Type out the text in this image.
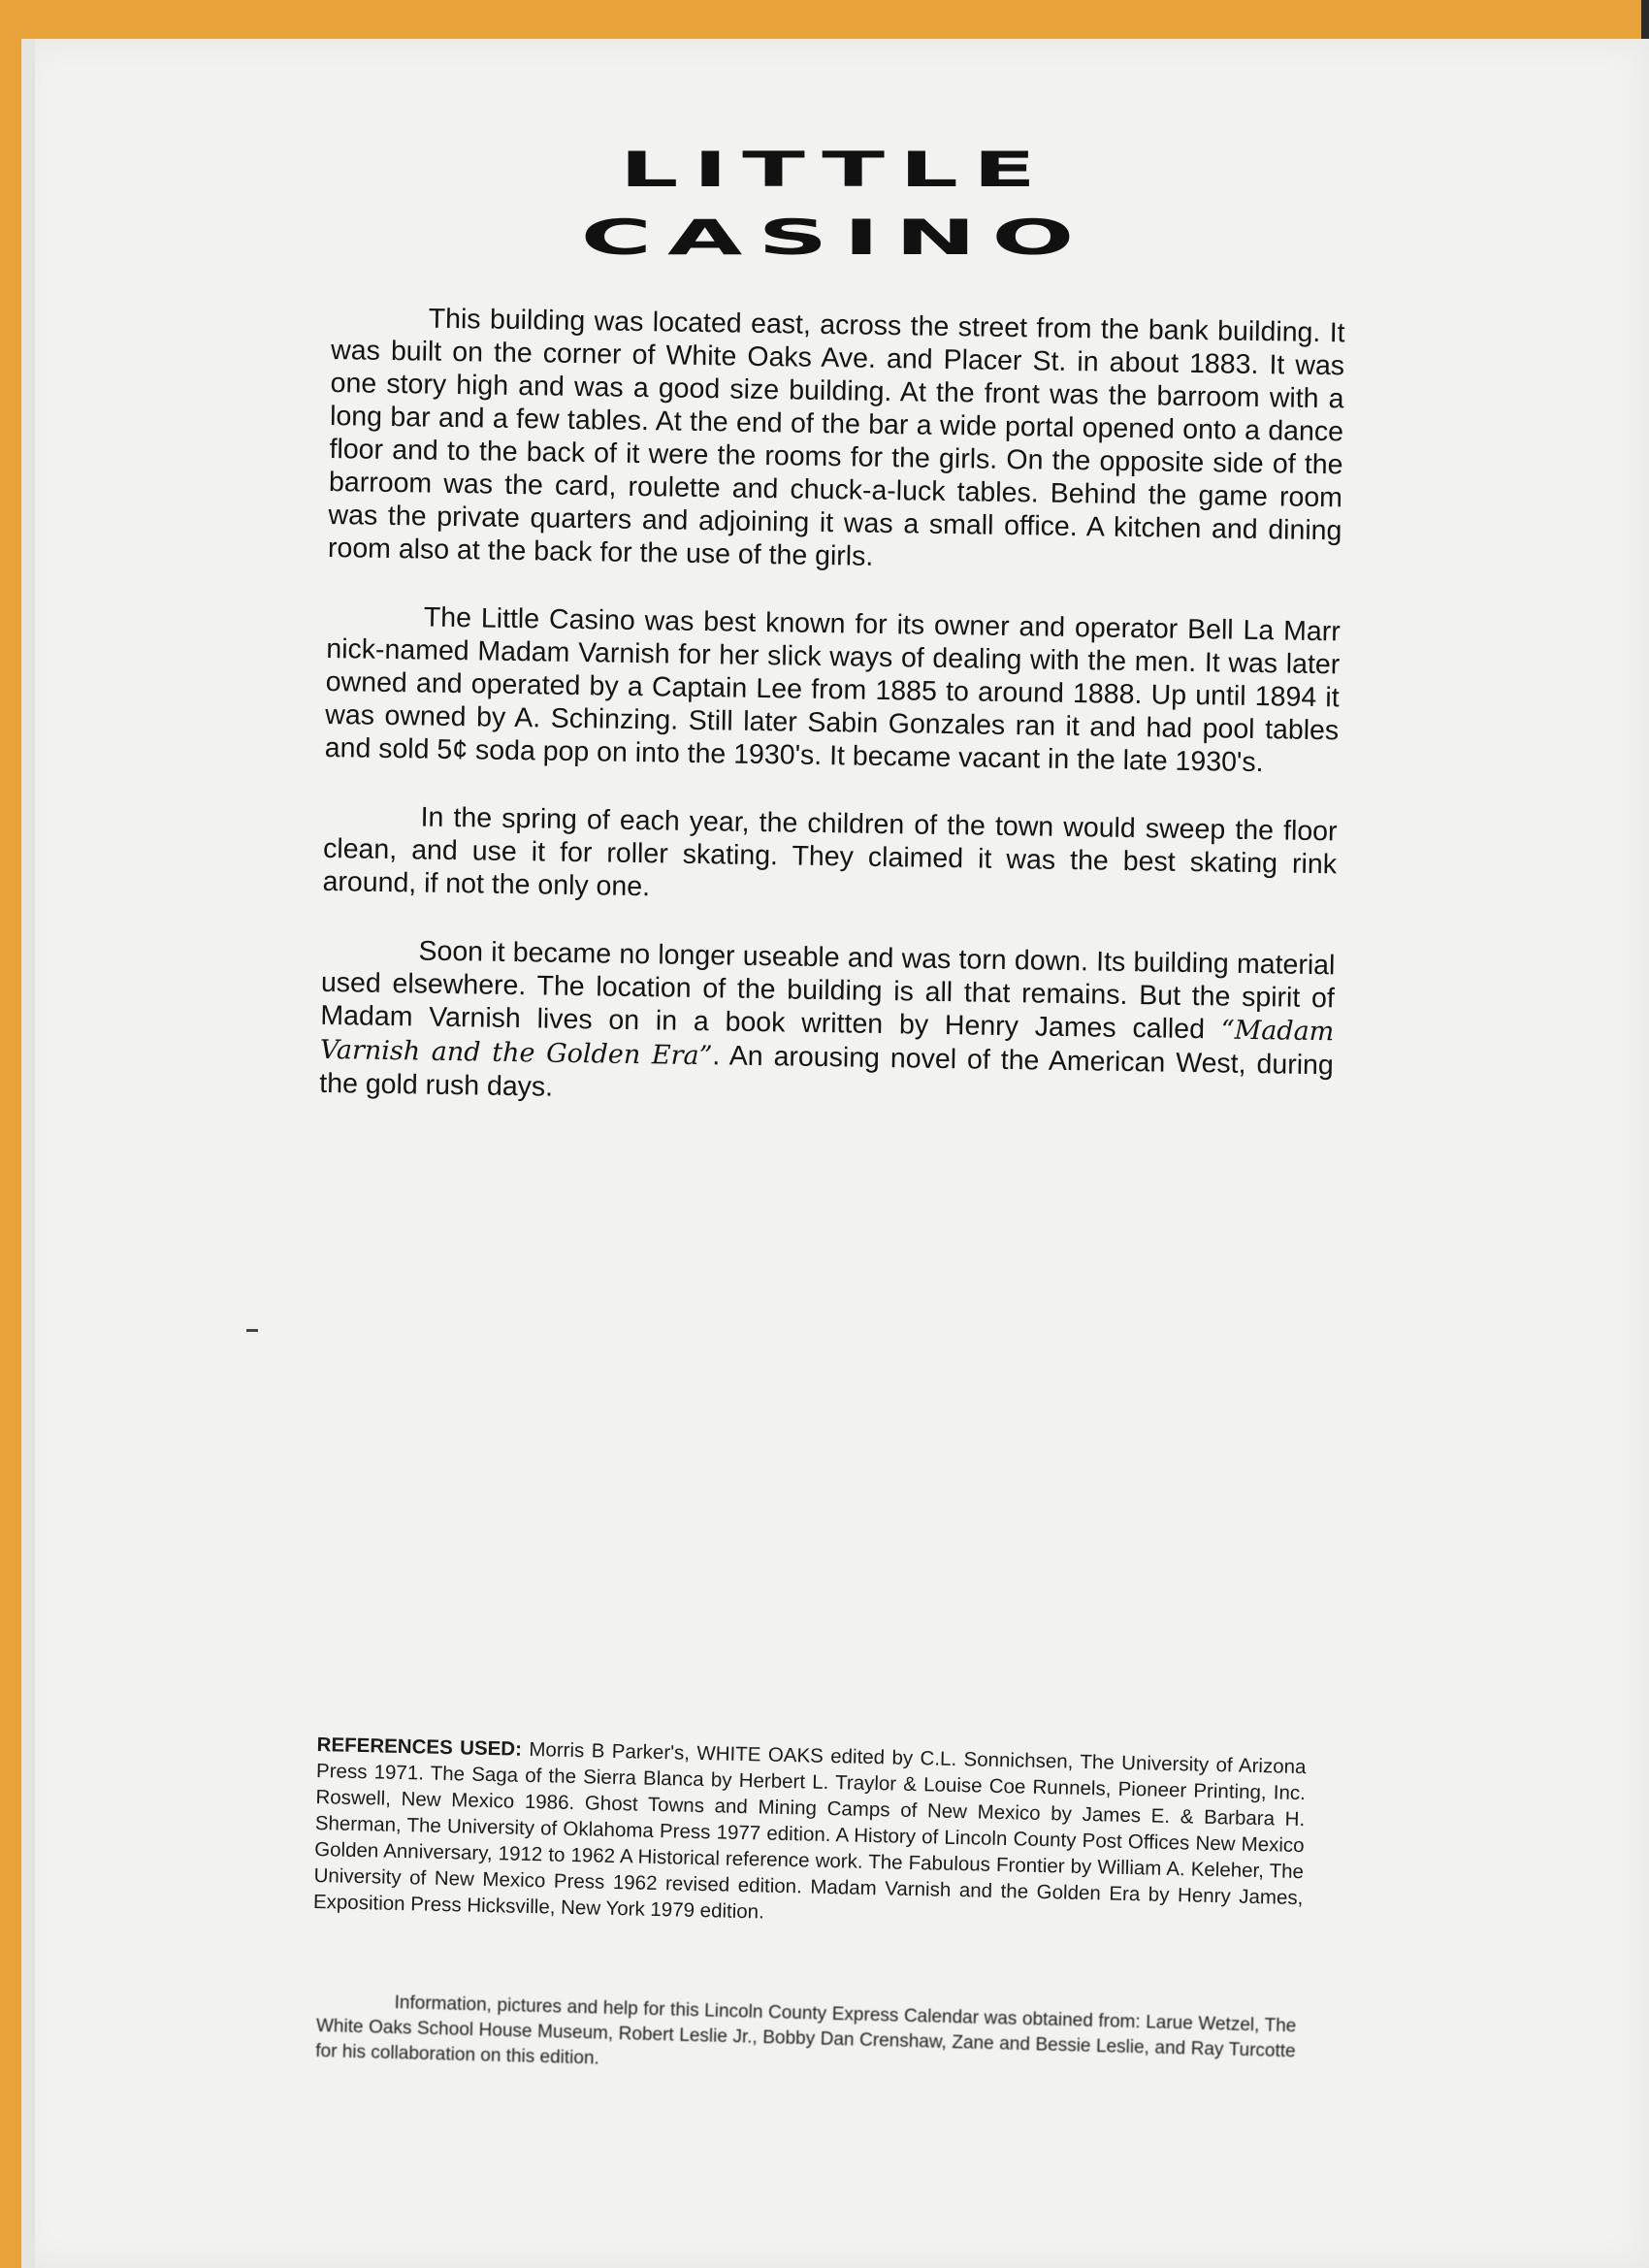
LITTLE
CASINO

This building was located east, across the street from the bank building. It was built on the corner of White Oaks Ave. and Placer St. in about 1883. It was one story high and was a good size building. At the front was the barroom with a long bar and a few tables. At the end of the bar a wide portal opened onto a dance floor and to the back of it were the rooms for the girls. On the opposite side of the barroom was the card, roulette and chuck-a-luck tables. Behind the game room was the private quarters and adjoining it was a small office. A kitchen and dining room also at the back for the use of the girls.

The Little Casino was best known for its owner and operator Bell La Marr nick-named Madam Varnish for her slick ways of dealing with the men. It was later owned and operated by a Captain Lee from 1885 to around 1888. Up until 1894 it was owned by A. Schinzing. Still later Sabin Gonzales ran it and had pool tables and sold 5¢ soda pop on into the 1930's. It became vacant in the late 1930's.

In the spring of each year, the children of the town would sweep the floor clean, and use it for roller skating. They claimed it was the best skating rink around, if not the only one.

Soon it became no longer useable and was torn down. Its building material used elsewhere. The location of the building is all that remains. But the spirit of Madam Varnish lives on in a book written by Henry James called “Madam Varnish and the Golden Era”. An arousing novel of the American West, during the gold rush days.

REFERENCES USED: Morris B Parker's, WHITE OAKS edited by C.L. Sonnichsen, The University of Arizona Press 1971. The Saga of the Sierra Blanca by Herbert L. Traylor & Louise Coe Runnels, Pioneer Printing, Inc. Roswell, New Mexico 1986. Ghost Towns and Mining Camps of New Mexico by James E. & Barbara H. Sherman, The University of Oklahoma Press 1977 edition. A History of Lincoln County Post Offices New Mexico Golden Anniversary, 1912 to 1962 A Historical reference work. The Fabulous Frontier by William A. Keleher, The University of New Mexico Press 1962 revised edition. Madam Varnish and the Golden Era by Henry James, Exposition Press Hicksville, New York 1979 edition.
Information, pictures and help for this Lincoln County Express Calendar was obtained from: Larue Wetzel, The White Oaks School House Museum, Robert Leslie Jr., Bobby Dan Crenshaw, Zane and Bessie Leslie, and Ray Turcotte for his collaboration on this edition.
